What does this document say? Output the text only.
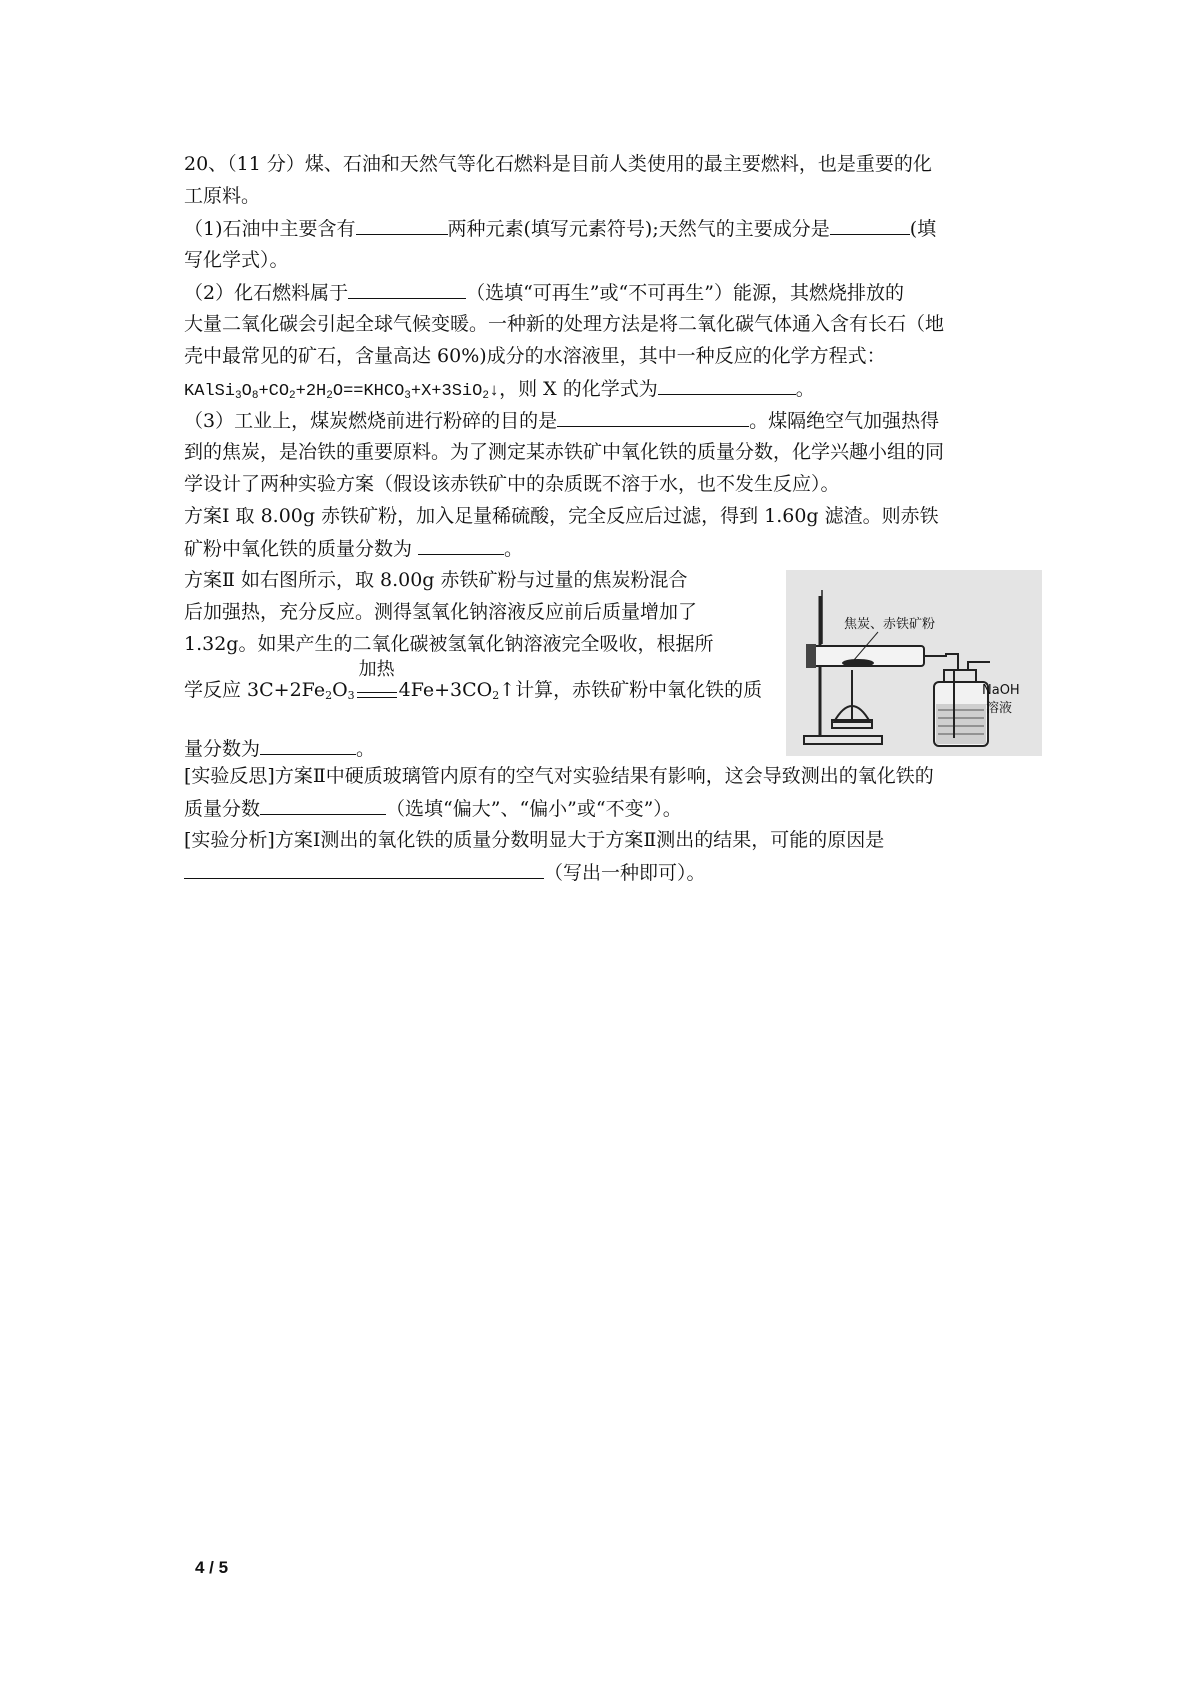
20、（11 分）煤、石油和天然气等化石燃料是目前人类使用的最主要燃料，也是重要的化
工原料。
（1)石油中主要含有	两种元素(填写元素符号);天然气的主要成分是	(填
写化学式）。
（2）化石燃料属于	（选填“可再生”或“不可再生”）能源，其燃烧排放的
大量二氧化碳会引起全球气候变暖。一种新的处理方法是将二氧化碳气体通入含有长石（地
壳中最常见的矿石，含量高达 60%)成分的水溶液里，其中一种反应的化学方程式：
$KAlSi_3O_8+CO_2+2H_2O==KHCO_3+X+3SiO_2↓$，则 X 的化学式为	。
（3）工业上，煤炭燃烧前进行粉碎的目的是	。煤隔绝空气加强热得
到的焦炭，是冶铁的重要原料。为了测定某赤铁矿中氧化铁的质量分数，化学兴趣小组的同
学设计了两种实验方案（假设该赤铁矿中的杂质既不溶于水，也不发生反应）。
方案Ⅰ 取 8.00g 赤铁矿粉，加入足量稀硫酸，完全反应后过滤，得到 1.60g 滤渣。则赤铁
矿粉中氧化铁的质量分数为	。
方案Ⅱ 如右图所示，取 8.00g 赤铁矿粉与过量的焦炭粉混合
后加强热，充分反应。测得氢氧化钠溶液反应前后质量增加了
1.32g。如果产生的二氧化碳被氢氧化钠溶液完全吸收，根据所
学反应 $3C+2Fe_2O_3$
加热
$4Fe+3CO_2↑$计算，赤铁矿粉中氧化铁的质
量分数为	。
焦炭、赤铁矿粉
NaOH
溶液
[实验反思]方案Ⅱ中硬质玻璃管内原有的空气对实验结果有影响，这会导致测出的氧化铁的
质量分数	（选填“偏大”、“偏小”或“不变”）。
[实验分析]方案Ⅰ测出的氧化铁的质量分数明显大于方案Ⅱ测出的结果，可能的原因是
（写出一种即可）。
4 / 5
